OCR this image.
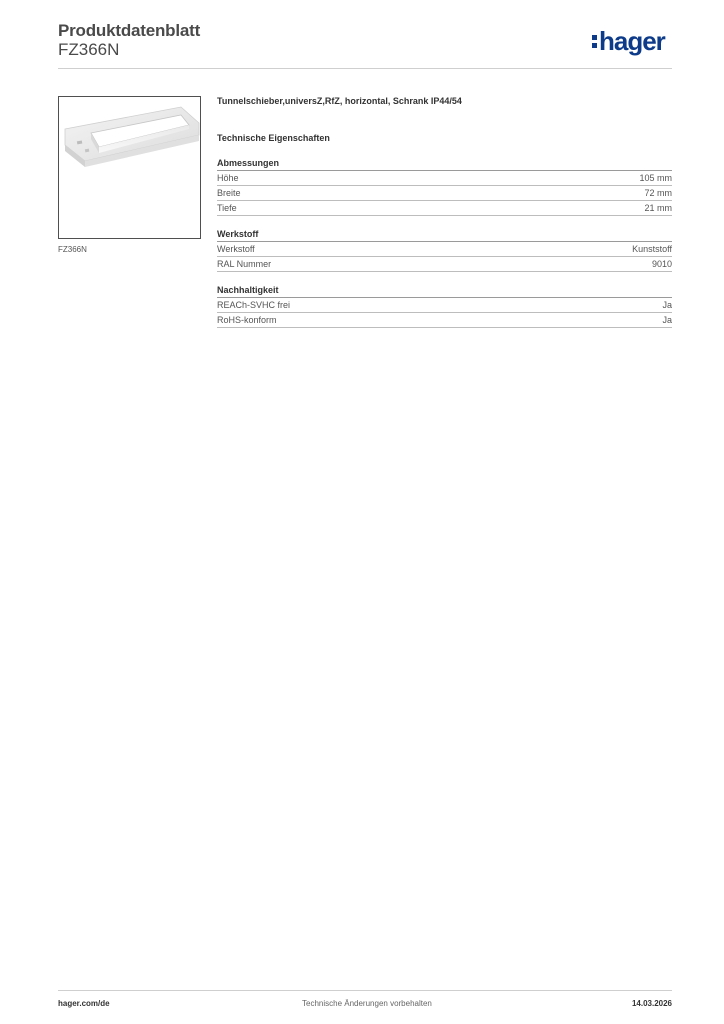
Produktdatenblatt
FZ366N	hager
FZ366N
Tunnelschieber,universZ,RfZ, horizontal, Schrank IP44/54
Technische Eigenschaften
Abmessungen
Höhe	105 mm
Breite	72 mm
Tiefe	21 mm
Werkstoff
Werkstoff	Kunststoff
RAL Nummer	9010
Nachhaltigkeit
REACh-SVHC frei	Ja
RoHS-konform	Ja
hager.com/de	Technische Änderungen vorbehalten	14.03.2026
